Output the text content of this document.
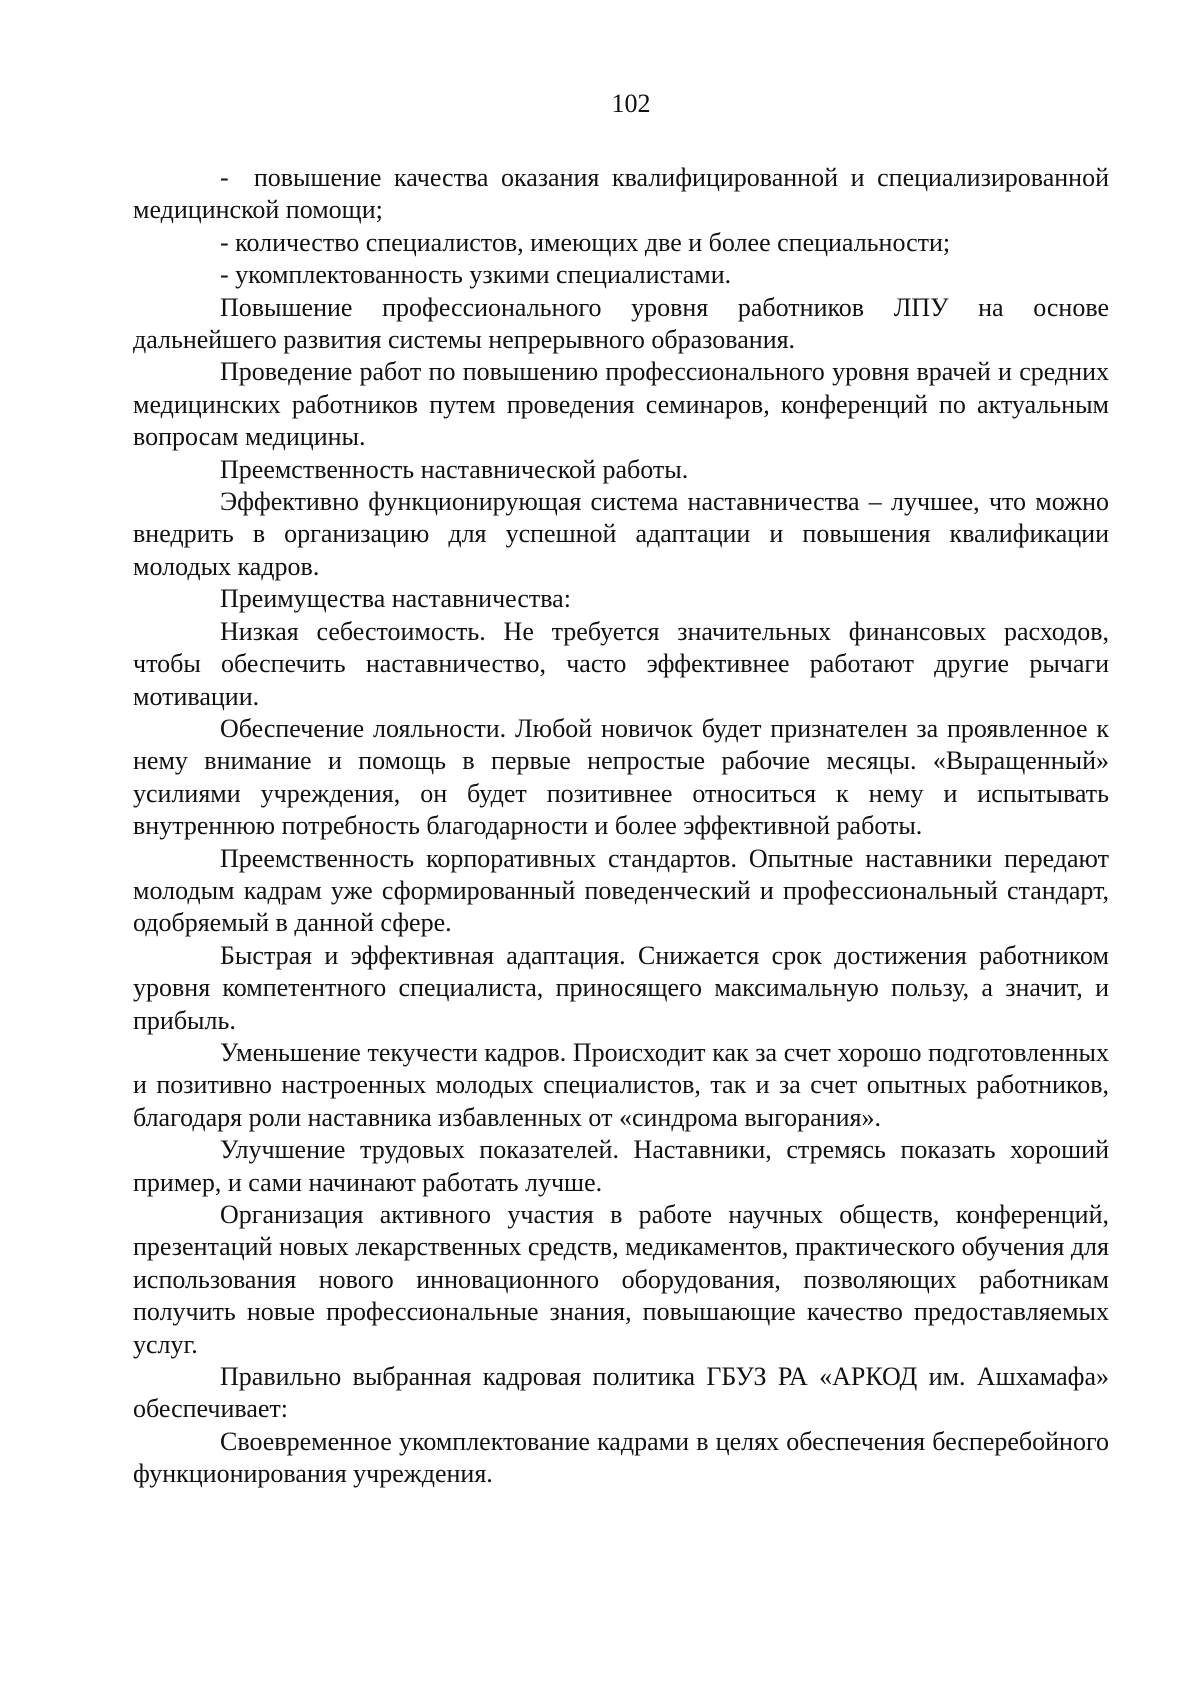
102

-  повышение качества оказания квалифицированной и специализированной медицинской помощи;

- количество специалистов, имеющих две и более специальности;

- укомплектованность узкими специалистами.

Повышение профессионального уровня работников ЛПУ на основе дальнейшего развития системы непрерывного образования.

Проведение работ по повышению профессионального уровня врачей и средних медицинских работников путем проведения семинаров, конференций по актуальным вопросам медицины.

Преемственность наставнической работы.

Эффективно функционирующая система наставничества – лучшее, что можно внедрить в организацию для успешной адаптации и повышения квалификации молодых кадров.

Преимущества наставничества:

Низкая себестоимость. Не требуется значительных финансовых расходов, чтобы обеспечить наставничество, часто эффективнее работают другие рычаги мотивации.

Обеспечение лояльности. Любой новичок будет признателен за проявленное к нему внимание и помощь в первые непростые рабочие месяцы. «Выращенный» усилиями учреждения, он будет позитивнее относиться к нему и испытывать внутреннюю потребность благодарности и более эффективной работы.

Преемственность корпоративных стандартов. Опытные наставники передают молодым кадрам уже сформированный поведенческий и профессиональный стандарт, одобряемый в данной сфере.

Быстрая и эффективная адаптация. Снижается срок достижения работником уровня компетентного специалиста, приносящего максимальную пользу, а значит, и прибыль.

Уменьшение текучести кадров. Происходит как за счет хорошо подготовленных и позитивно настроенных молодых специалистов, так и за счет опытных работников, благодаря роли наставника избавленных от «синдрома выгорания».

Улучшение трудовых показателей. Наставники, стремясь показать хороший пример, и сами начинают работать лучше.

Организация активного участия в работе научных обществ, конференций, презентаций новых лекарственных средств, медикаментов, практического обучения для использования нового инновационного оборудования, позволяющих работникам получить новые профессиональные знания, повышающие качество предоставляемых услуг.

Правильно выбранная кадровая политика ГБУЗ РА «АРКОД им. Ашхамафа» обеспечивает:

Своевременное укомплектование кадрами в целях обеспечения бесперебойного функционирования учреждения.
